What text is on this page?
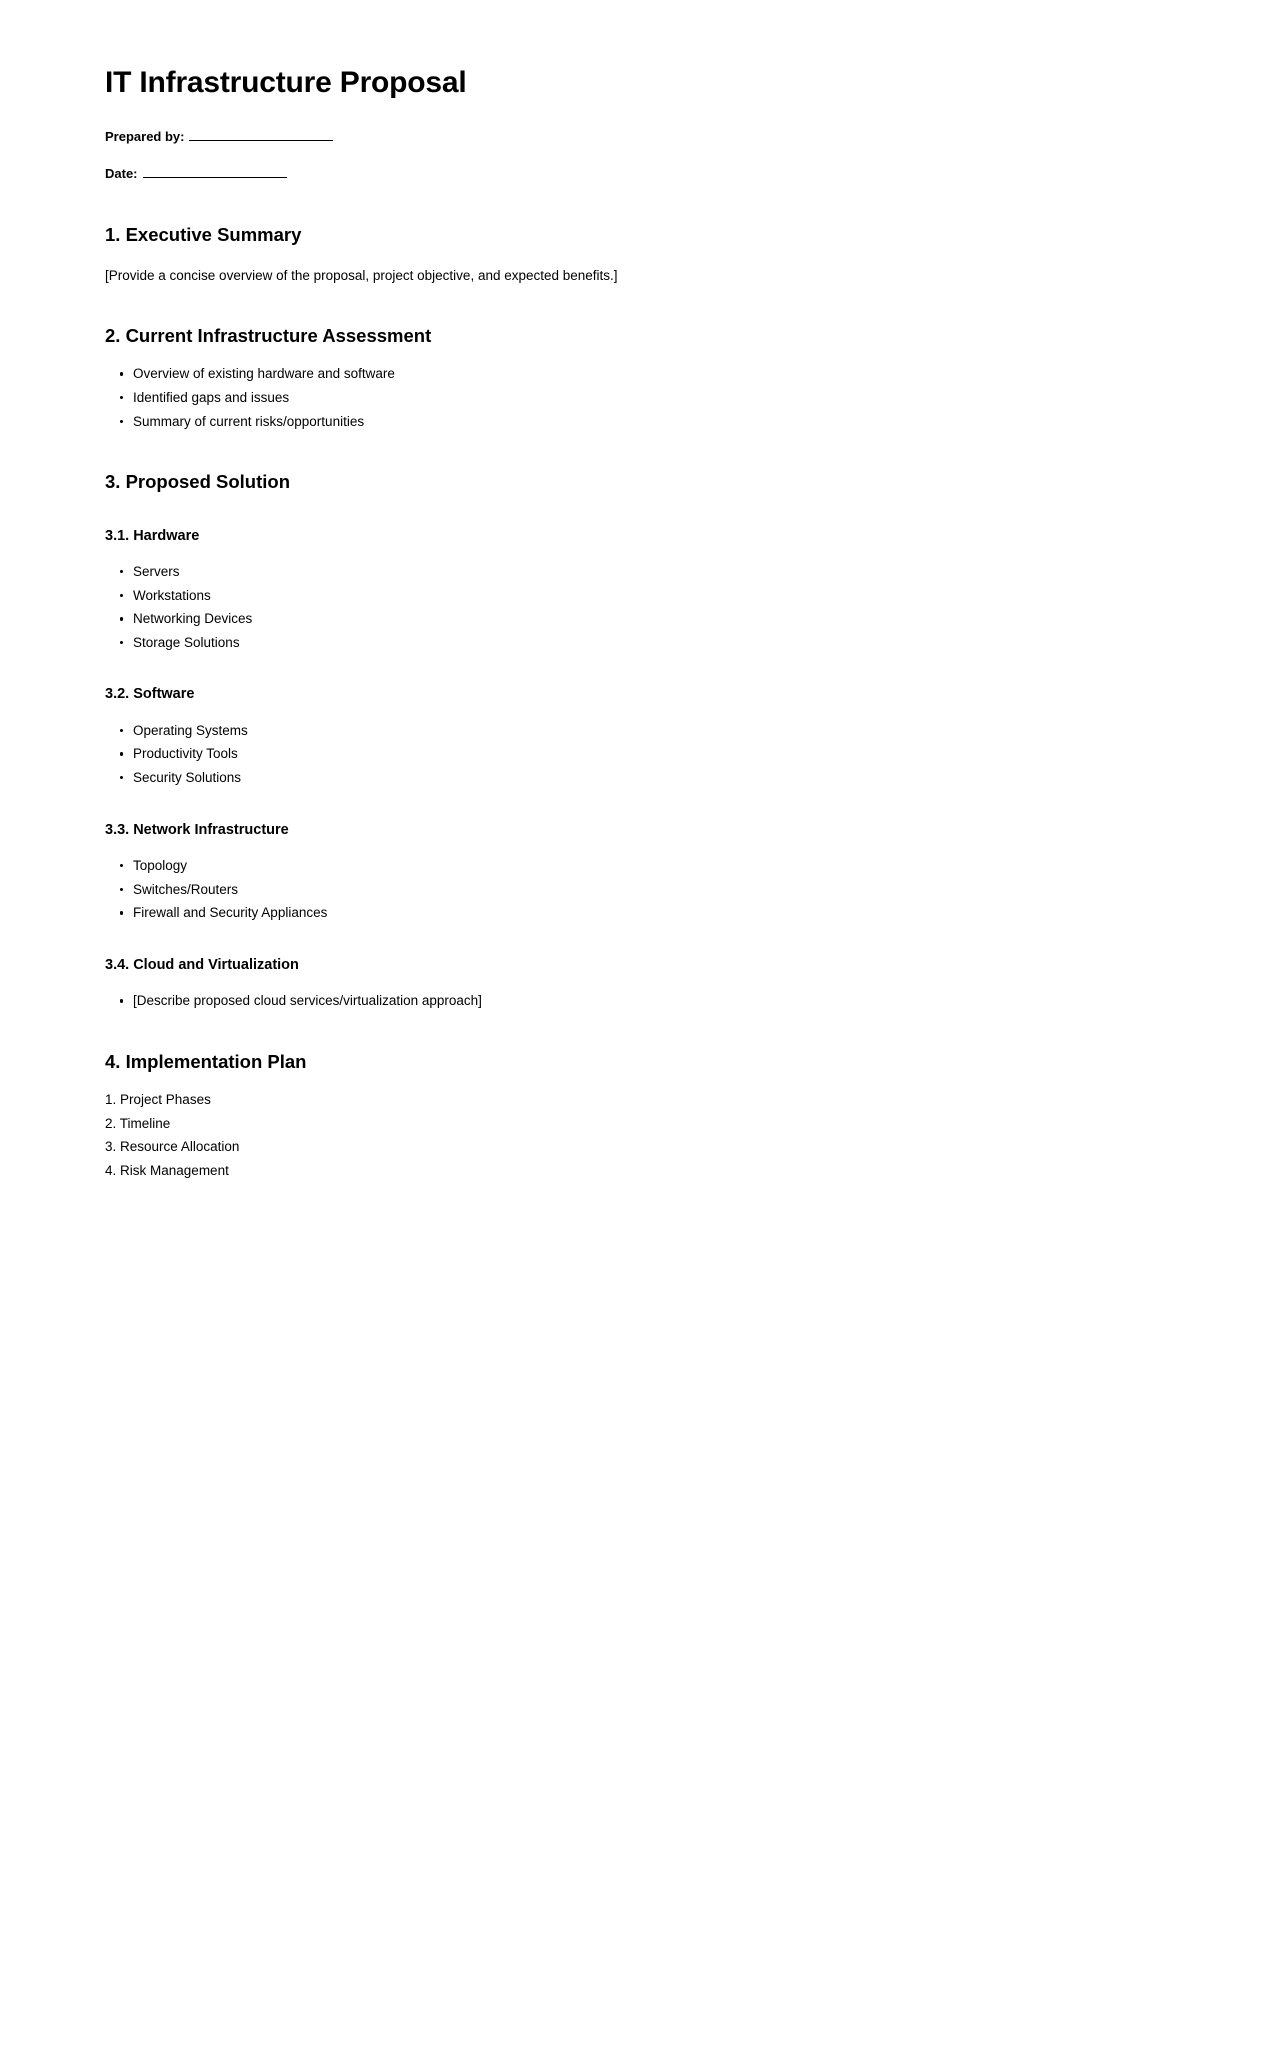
IT Infrastructure Proposal
Prepared by:
Date:
1. Executive Summary

[Provide a concise overview of the proposal, project objective, and expected benefits.]

2. Current Infrastructure Assessment
Overview of existing hardware and software
Identified gaps and issues
Summary of current risks/opportunities
3. Proposed Solution
3.1. Hardware
Servers
Workstations
Networking Devices
Storage Solutions
3.2. Software
Operating Systems
Productivity Tools
Security Solutions
3.3. Network Infrastructure
Topology
Switches/Routers
Firewall and Security Appliances
3.4. Cloud and Virtualization
[Describe proposed cloud services/virtualization approach]
4. Implementation Plan
Project Phases
Timeline
Resource Allocation
Risk Management
